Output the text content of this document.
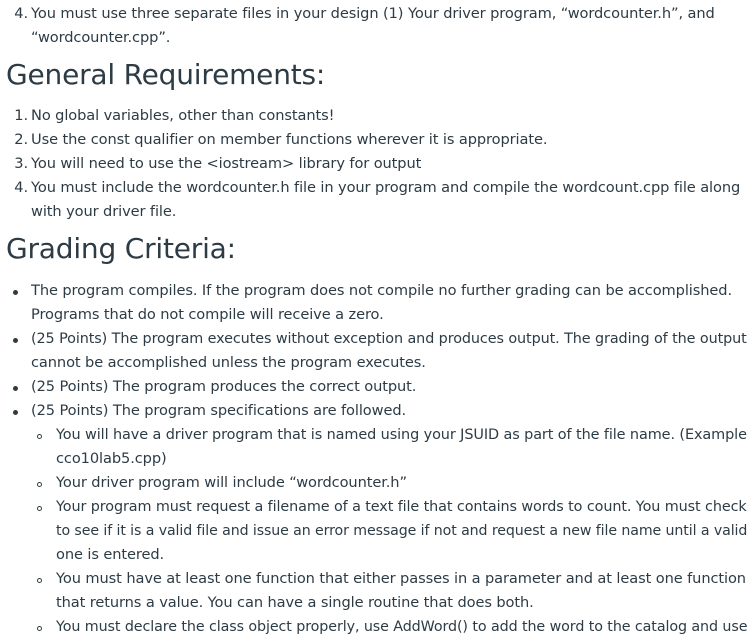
4. You must use three separate files in your design (1) Your driver program, “wordcounter.h”, and
“wordcounter.cpp”.
General Requirements:
1. No global variables, other than constants!
2. Use the const qualifier on member functions wherever it is appropriate.
3. You will need to use the <iostream> library for output
4. You must include the wordcounter.h file in your program and compile the wordcount.cpp file along
with your driver file.
Grading Criteria:
The program compiles. If the program does not compile no further grading can be accomplished.
Programs that do not compile will receive a zero.
(25 Points) The program executes without exception and produces output. The grading of the output
cannot be accomplished unless the program executes.
(25 Points) The program produces the correct output.
(25 Points) The program specifications are followed.
You will have a driver program that is named using your JSUID as part of the file name. (Example
cco10lab5.cpp)
Your driver program will include “wordcounter.h”
Your program must request a filename of a text file that contains words to count. You must check
to see if it is a valid file and issue an error message if not and request a new file name until a valid
one is entered.
You must have at least one function that either passes in a parameter and at least one function
that returns a value. You can have a single routine that does both.
You must declare the class object properly, use AddWord() to add the word to the catalog and use
